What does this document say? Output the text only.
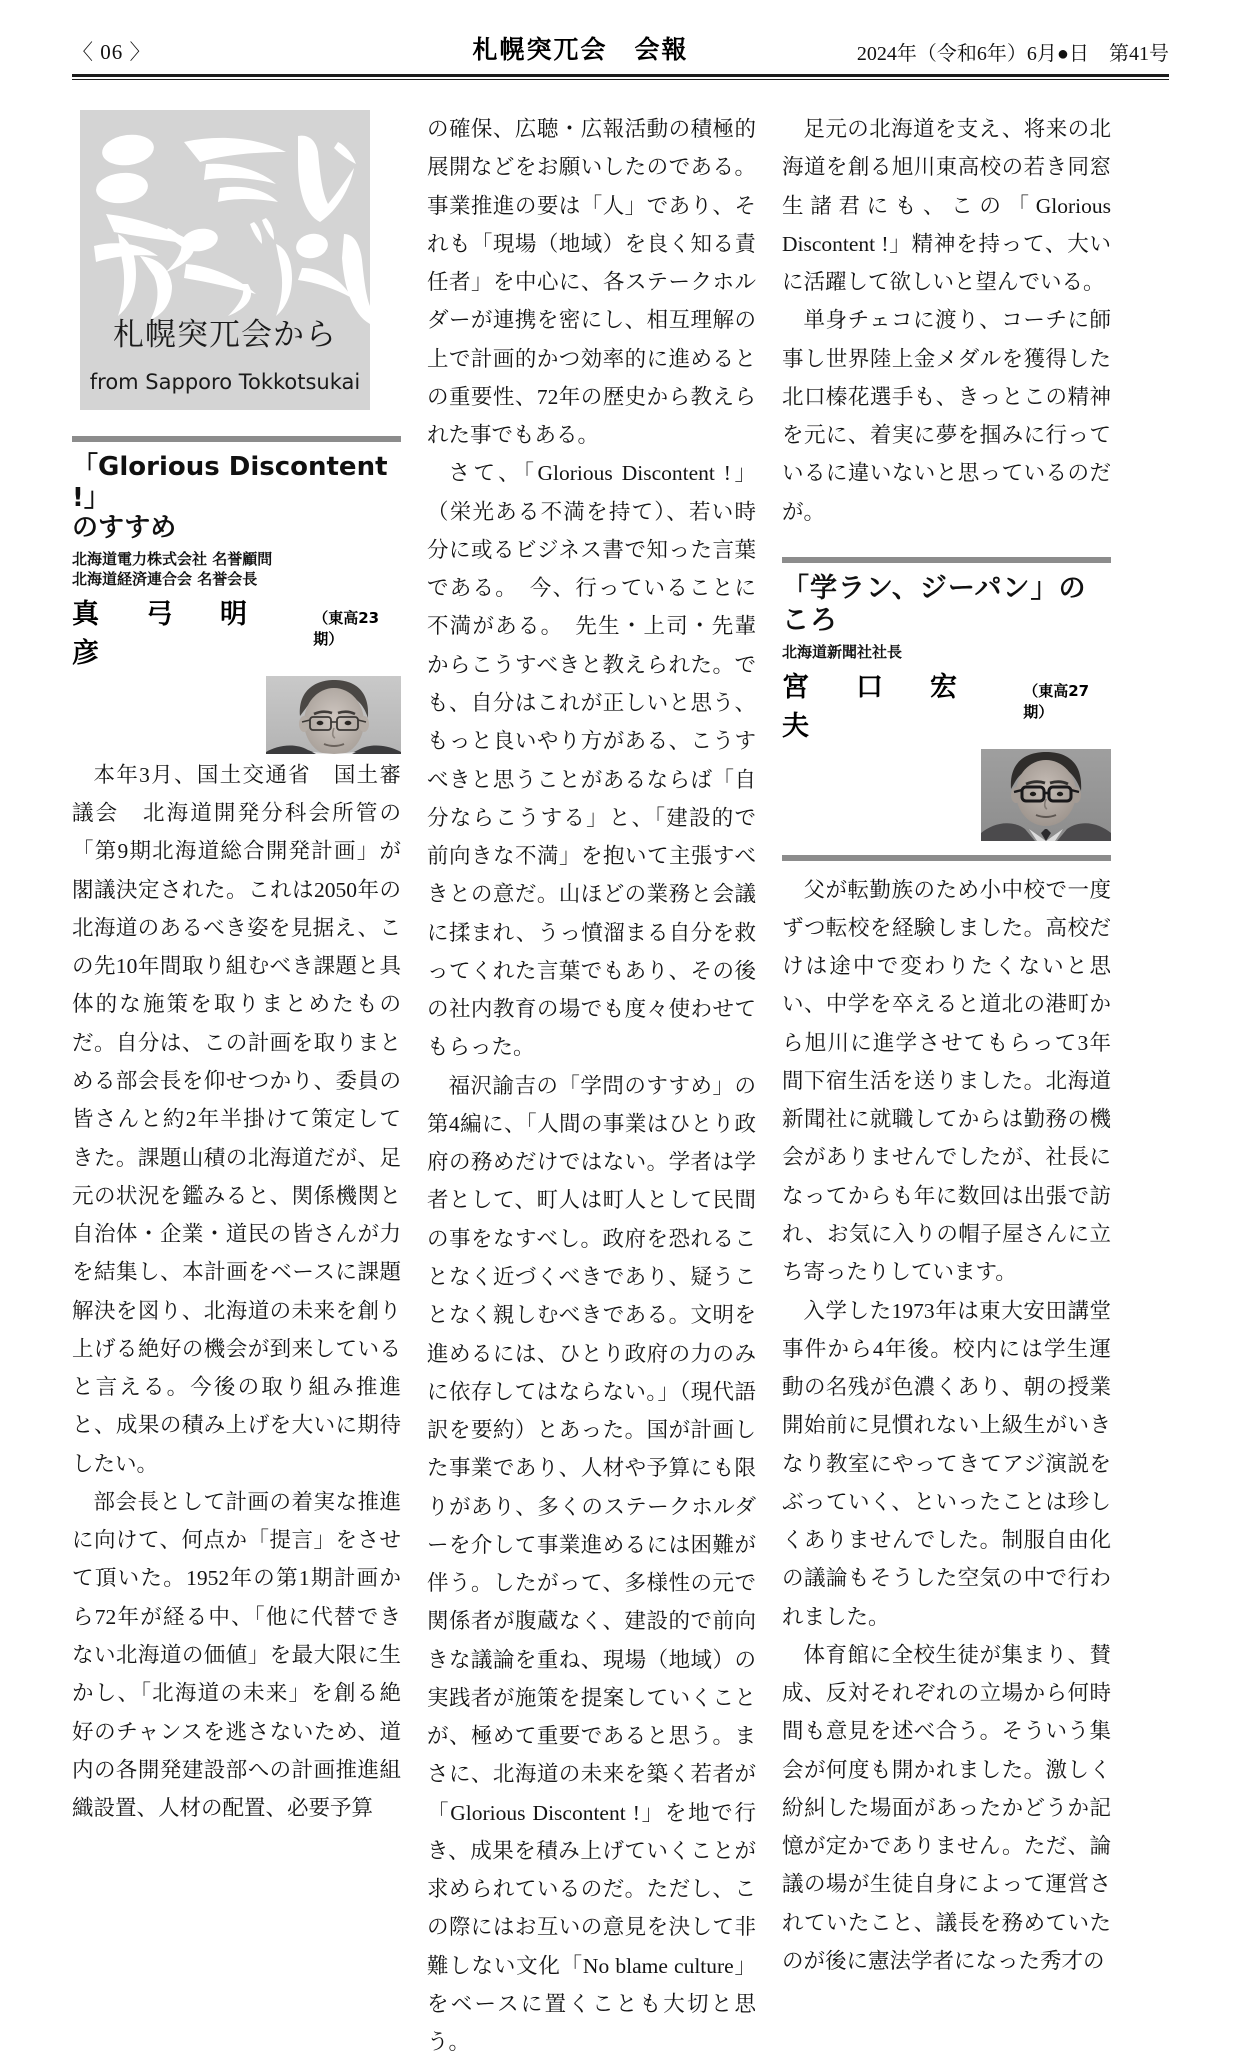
〈 06 〉	札幌突兀会　会報	2024年（令和6年）6月●日　第41号
札幌突兀会から
from Sapporo Tokkotsukai
「Glorious Discontent !」
のすすめ
北海道電力株式会社 名誉顧問
北海道経済連合会 名誉会長
真　弓　明　彦
（東高23期）

本年3月、国土交通省　国土審議会　北海道開発分科会所管の「第9期北海道総合開発計画」が閣議決定された。これは2050年の北海道のあるべき姿を見据え、この先10年間取り組むべき課題と具体的な施策を取りまとめたものだ。自分は、この計画を取りまとめる部会長を仰せつかり、委員の皆さんと約2年半掛けて策定してきた。課題山積の北海道だが、足元の状況を鑑みると、関係機関と自治体・企業・道民の皆さんが力を結集し、本計画をベースに課題解決を図り、北海道の未来を創り上げる絶好の機会が到来していると言える。今後の取り組み推進と、成果の積み上げを大いに期待したい。

部会長として計画の着実な推進に向けて、何点か「提言」をさせて頂いた。1952年の第1期計画から72年が経る中、「他に代替できない北海道の価値」を最大限に生かし、「北海道の未来」を創る絶好のチャンスを逃さないため、道内の各開発建設部への計画推進組織設置、人材の配置、必要予算

の確保、広聴・広報活動の積極的展開などをお願いしたのである。事業推進の要は「人」であり、それも「現場（地域）を良く知る責任者」を中心に、各ステークホルダーが連携を密にし、相互理解の上で計画的かつ効率的に進めるとの重要性、72年の歴史から教えられた事でもある。

さて、「Glorious Discontent !」（栄光ある不満を持て）、若い時分に或るビジネス書で知った言葉である。　今、行っていることに不満がある。　先生・上司・先輩からこうすべきと教えられた。でも、自分はこれが正しいと思う、もっと良いやり方がある、こうすべきと思うことがあるならば「自分ならこうする」と、「建設的で前向きな不満」を抱いて主張すべきとの意だ。山ほどの業務と会議に揉まれ、うっ憤溜まる自分を救ってくれた言葉でもあり、その後の社内教育の場でも度々使わせてもらった。

福沢諭吉の「学問のすすめ」の第4編に、「人間の事業はひとり政府の務めだけではない。学者は学者として、町人は町人として民間の事をなすべし。政府を恐れることなく近づくべきであり、疑うことなく親しむべきである。文明を進めるには、ひとり政府の力のみに依存してはならない。」（現代語訳を要約）とあった。国が計画した事業であり、人材や予算にも限りがあり、多くのステークホルダーを介して事業進めるには困難が伴う。したがって、多様性の元で関係者が腹蔵なく、建設的で前向きな議論を重ね、現場（地域）の実践者が施策を提案していくことが、極めて重要であると思う。まさに、北海道の未来を築く若者が「Glorious Discontent !」を地で行き、成果を積み上げていくことが求められているのだ。ただし、この際にはお互いの意見を決して非難しない文化「No blame culture」をベースに置くことも大切と思う。

足元の北海道を支え、将来の北海道を創る旭川東高校の若き同窓生諸君にも、この「Glorious Discontent !」精神を持って、大いに活躍して欲しいと望んでいる。

単身チェコに渡り、コーチに師事し世界陸上金メダルを獲得した北口榛花選手も、きっとこの精神を元に、着実に夢を掴みに行っているに違いないと思っているのだが。

「学ラン、ジーパン」のころ
北海道新聞社社長
宮　口　宏　夫
（東高27期）

父が転勤族のため小中校で一度ずつ転校を経験しました。高校だけは途中で変わりたくないと思い、中学を卒えると道北の港町から旭川に進学させてもらって3年間下宿生活を送りました。北海道新聞社に就職してからは勤務の機会がありませんでしたが、社長になってからも年に数回は出張で訪れ、お気に入りの帽子屋さんに立ち寄ったりしています。

入学した1973年は東大安田講堂事件から4年後。校内には学生運動の名残が色濃くあり、朝の授業開始前に見慣れない上級生がいきなり教室にやってきてアジ演説をぶっていく、といったことは珍しくありませんでした。制服自由化の議論もそうした空気の中で行われました。

体育館に全校生徒が集まり、賛成、反対それぞれの立場から何時間も意見を述べ合う。そういう集会が何度も開かれました。激しく紛糾した場面があったかどうか記憶が定かでありません。ただ、論議の場が生徒自身によって運営されていたこと、議長を務めていたのが後に憲法学者になった秀才の
